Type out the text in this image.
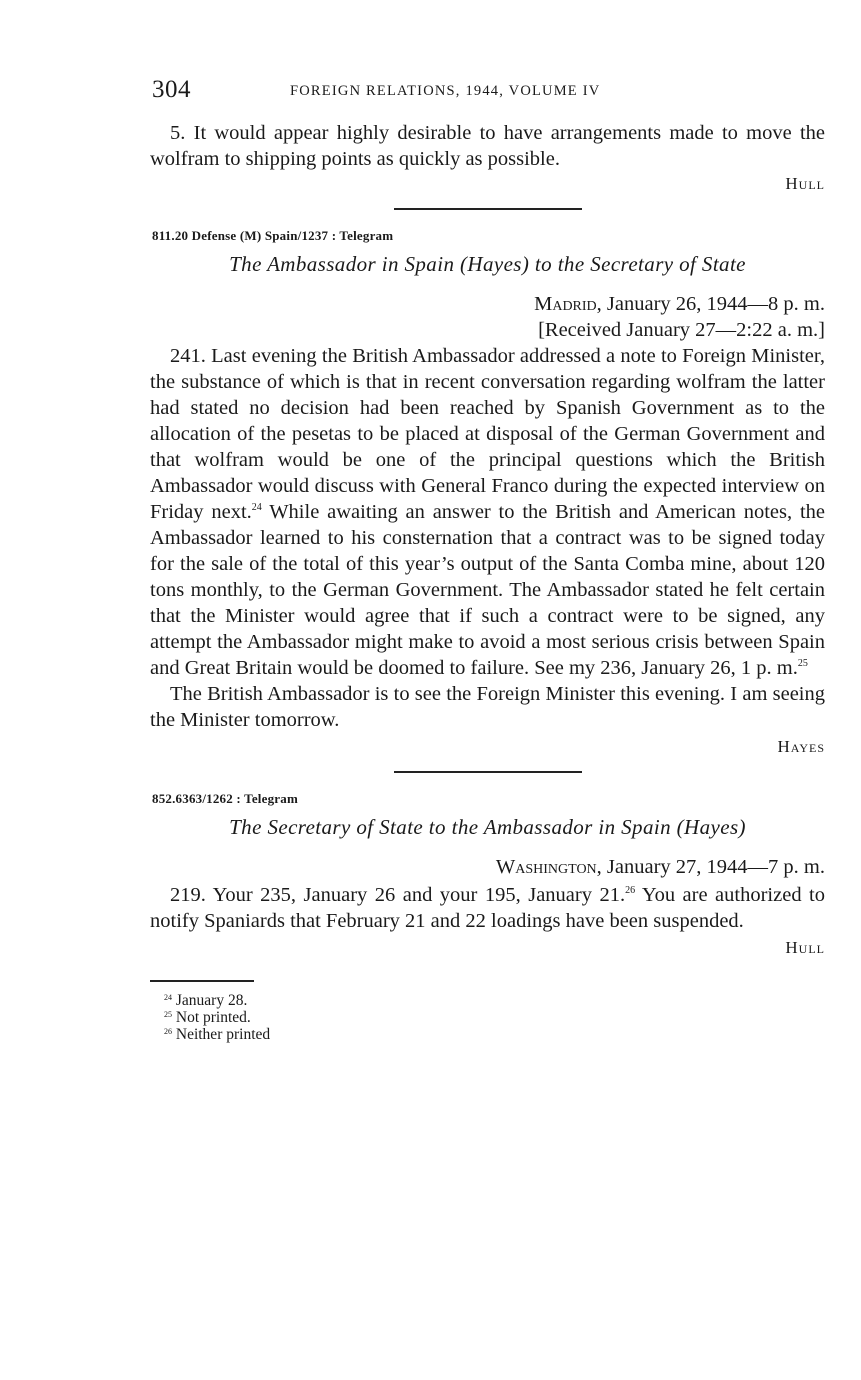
304	FOREIGN RELATIONS, 1944, VOLUME IV

5. It would appear highly desirable to have arrangements made to move the wolfram to shipping points as quickly as possible.

Hull
811.20 Defense (M) Spain/1237 : Telegram
The Ambassador in Spain (Hayes) to the Secretary of State
Madrid, January 26, 1944—8 p. m.
[Received January 27—2:22 a. m.]

241. Last evening the British Ambassador addressed a note to Foreign Minister, the substance of which is that in recent conversation regarding wolfram the latter had stated no decision had been reached by Spanish Government as to the allocation of the pesetas to be placed at disposal of the German Government and that wolfram would be one of the principal questions which the British Ambassador would discuss with General Franco during the expected interview on Friday next.$^{24}$ While awaiting an answer to the British and American notes, the Ambassador learned to his consternation that a contract was to be signed today for the sale of the total of this year’s output of the Santa Comba mine, about 120 tons monthly, to the German Government. The Ambassador stated he felt certain that the Minister would agree that if such a contract were to be signed, any attempt the Ambassador might make to avoid a most serious crisis between Spain and Great Britain would be doomed to failure. See my 236, January 26, 1 p. m.$^{25}$

The British Ambassador is to see the Foreign Minister this evening. I am seeing the Minister tomorrow.

Hayes
852.6363/1262 : Telegram
The Secretary of State to the Ambassador in Spain (Hayes)
Washington, January 27, 1944—7 p. m.

219. Your 235, January 26 and your 195, January 21.26 You are authorized to notify Spaniards that February 21 and 22 loadings have been suspended.

Hull
$^{24}$ January 28.
$^{25}$ Not printed.
$^{26}$ Neither printed
